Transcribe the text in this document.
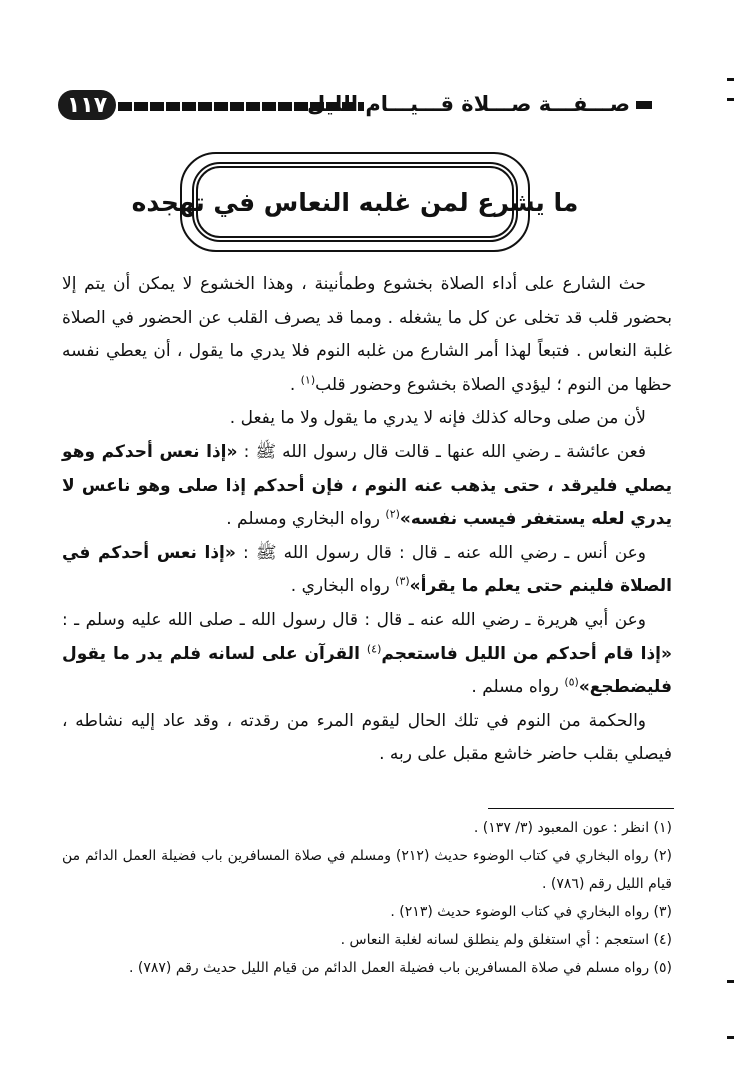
١١٧	صـــفـــة صـــلاة قـــيـــام الليل
ما يشرع لمن غلبه النعاس في تهجده

حث الشارع على أداء الصلاة بخشوع وطمأنينة ، وهذا الخشوع لا يمكن أن يتم إلا بحضور قلب قد تخلى عن كل ما يشغله . ومما قد يصرف القلب عن الحضور في الصلاة غلبة النعاس . فتبعاً لهذا أمر الشارع من غلبه النوم فلا يدري ما يقول ، أن يعطي نفسه حظها من النوم ؛ ليؤدي الصلاة بخشوع وحضور قلب$^{(١)}$ .

لأن من صلى وحاله كذلك فإنه لا يدري ما يقول ولا ما يفعل .

فعن عائشة ـ رضي الله عنها ـ قالت قال رسول الله ﷺ : «إذا نعس أحدكم وهو يصلي فليرقد ، حتى يذهب عنه النوم ، فإن أحدكم إذا صلى وهو ناعس لا يدري لعله يستغفر فيسب نفسه»$^{(٢)}$ رواه البخاري ومسلم .

وعن أنس ـ رضي الله عنه ـ قال : قال رسول الله ﷺ : «إذا نعس أحدكم في الصلاة فلينم حتى يعلم ما يقرأ»$^{(٣)}$ رواه البخاري .

وعن أبي هريرة ـ رضي الله عنه ـ قال : قال رسول الله ـ صلى الله عليه وسلم ـ : «إذا قام أحدكم من الليل فاستعجم$^{(٤)}$ القرآن على لسانه فلم يدر ما يقول فليضطجع»$^{(٥)}$ رواه مسلم .

والحكمة من النوم في تلك الحال ليقوم المرء من رقدته ، وقد عاد إليه نشاطه ، فيصلي بقلب حاضر خاشع مقبل على ربه .

(١) انظر : عون المعبود (٣/ ١٣٧) .

(٢) رواه البخاري في كتاب الوضوء حديث (٢١٢) ومسلم في صلاة المسافرين باب فضيلة العمل الدائم من قيام الليل رقم (٧٨٦) .

(٣) رواه البخاري في كتاب الوضوء حديث (٢١٣) .

(٤) استعجم : أي استغلق ولم ينطلق لسانه لغلبة النعاس .

(٥) رواه مسلم في صلاة المسافرين باب فضيلة العمل الدائم من قيام الليل حديث رقم (٧٨٧) .
